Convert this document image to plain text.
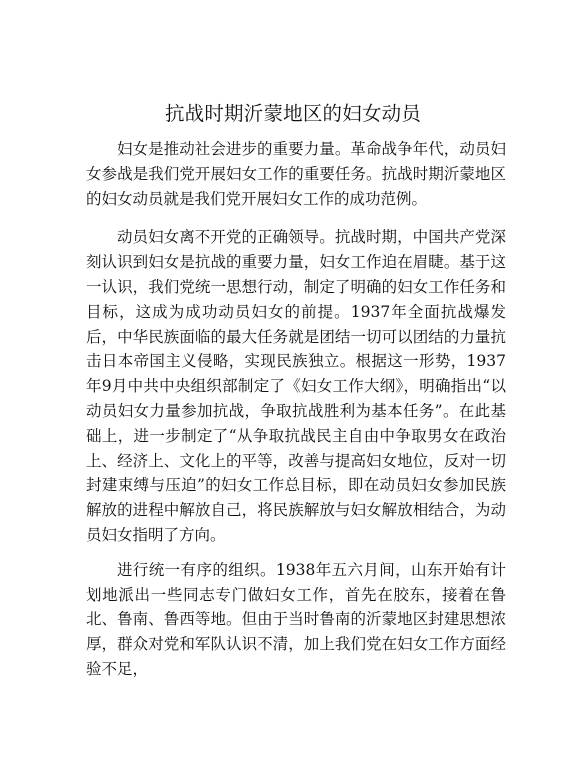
抗战时期沂蒙地区的妇女动员

妇女是推动社会进步的重要力量。革命战争年代，动员妇女参战是我们党开展妇女工作的重要任务。抗战时期沂蒙地区的妇女动员就是我们党开展妇女工作的成功范例。

动员妇女离不开党的正确领导。抗战时期，中国共产党深刻认识到妇女是抗战的重要力量，妇女工作迫在眉睫。基于这一认识，我们党统一思想行动，制定了明确的妇女工作任务和目标，这成为成功动员妇女的前提。1937年全面抗战爆发后，中华民族面临的最大任务就是团结一切可以团结的力量抗击日本帝国主义侵略，实现民族独立。根据这一形势，1937年9月中共中央组织部制定了《妇女工作大纲》，明确指出“以动员妇女力量参加抗战，争取抗战胜利为基本任务”。在此基础上，进一步制定了“从争取抗战民主自由中争取男女在政治上、经济上、文化上的平等，改善与提高妇女地位，反对一切封建束缚与压迫”的妇女工作总目标，即在动员妇女参加民族解放的进程中解放自己，将民族解放与妇女解放相结合，为动员妇女指明了方向。

进行统一有序的组织。1938年五六月间，山东开始有计划地派出一些同志专门做妇女工作，首先在胶东，接着在鲁北、鲁南、鲁西等地。但由于当时鲁南的沂蒙地区封建思想浓厚，群众对党和军队认识不清，加上我们党在妇女工作方面经验不足，
